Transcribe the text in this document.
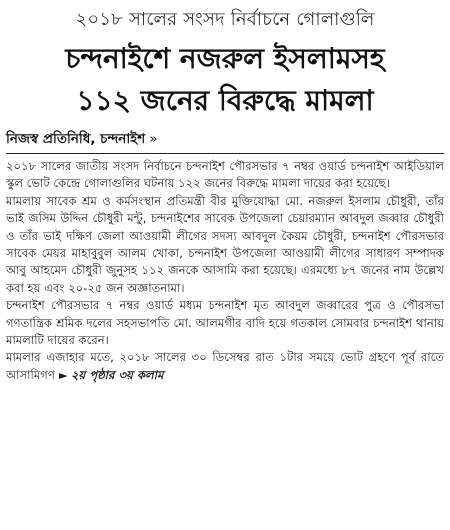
২০১৮ সালের সংসদ নির্বাচনে গোলাগুলি
চন্দনাইশে নজরুল ইসলামসহ
১১২ জনের বিরুদ্ধে মামলা
নিজস্ব প্রতিনিধি, চন্দনাইশ »

২০১৮ সালের জাতীয় সংসদ নির্বাচনে চন্দনাইশ পৌরসভার ৭ নম্বর ওয়ার্ড চন্দনাইশ আইডিয়াল স্কুল ভোট কেন্দ্রে গোলাগুলির ঘটনায় ১২২ জনের বিরুদ্ধে মামলা দায়ের করা হয়েছে।

মামলায় সাবেক শ্রম ও কর্মসংস্থান প্রতিমন্ত্রী বীর মুক্তিযোদ্ধা মো. নজরুল ইসলাম চৌধুরী, তাঁর ভাই জসিম উদ্দিন চৌধুরী মন্টু, চন্দনাইশের সাবেক উপজেলা চেয়ারম্যান আবদুল জব্বার চৌধুরী ও তাঁর ভাই দক্ষিণ জেলা আওয়ামী লীগের সদস্য আবদুল কৈয়ম চৌধুরী, চন্দনাইশ পৌরসভার সাবেক মেয়র মাহাবুবুল আলম খোকা, চন্দনাইশ উপজেলা আওয়ামী লীগের সাধারণ সম্পাদক আবু আহমেদ চৌধুরী জুনুসহ ১১২ জনকে আসামি করা হয়েছে। এরমধ্যে ৮৭ জনের নাম উল্লেখ করা হয় এবং ২০-২৫ জন অজ্ঞাতনামা।

চন্দনাইশ পৌরসভার ৭ নম্বর ওয়ার্ড মধ্যম চন্দনাইশ মৃত আবদুল জব্বারের পুত্র ও পৌরসভা গণতান্ত্রিক শ্রমিক দলের সহসভাপতি মো. আলমগীর বাদি হয়ে গতকাল সোমবার চন্দনাইশ থানায় মামলাটি দায়ের করেন।

মামলার এজাহার মতে, ২০১৮ সালের ৩০ ডিসেম্বর রাত ১টার সময়ে ভোট গ্রহণে পূর্ব রাতে আসামিগণ ► ২য় পৃষ্ঠার ৩য় কলাম
